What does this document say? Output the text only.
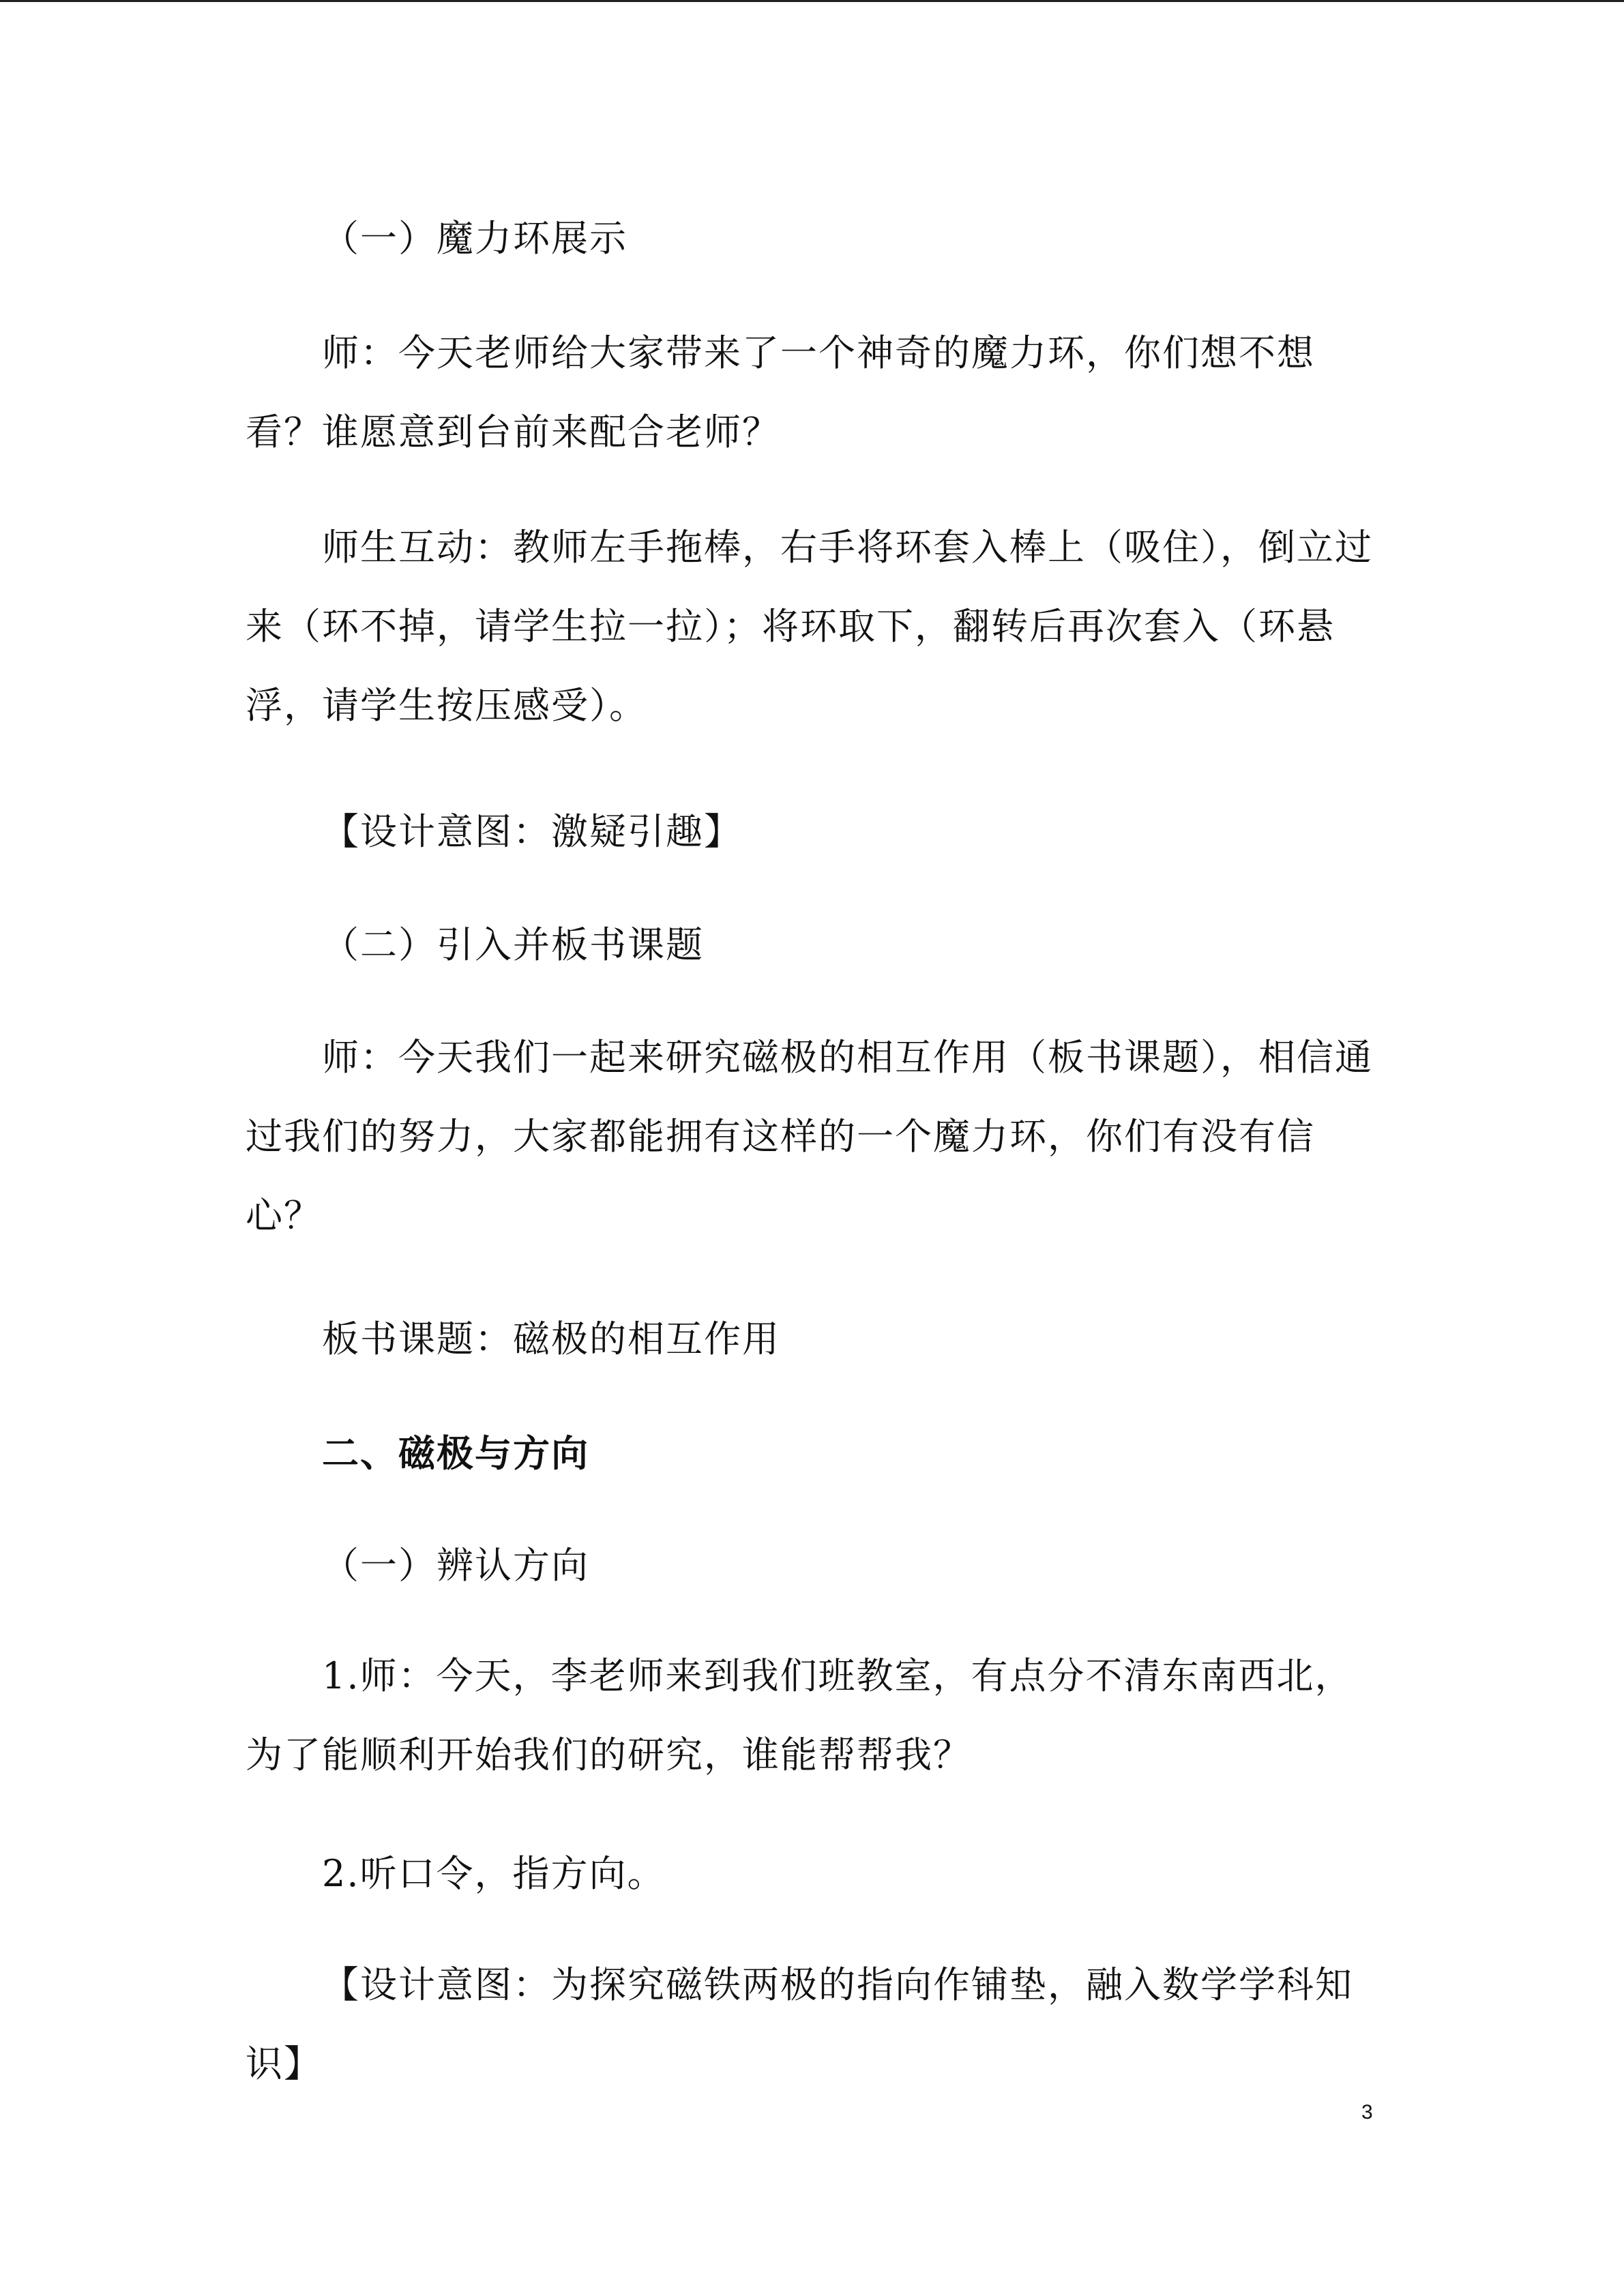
（一）魔力环展示

师：今天老师给大家带来了一个神奇的魔力环，你们想不想看？谁愿意到台前来配合老师？

师生互动：教师左手拖棒，右手将环套入棒上（吸住），倒立过来（环不掉，请学生拉一拉）；将环取下，翻转后再次套入（环悬浮，请学生按压感受）。

【设计意图：激疑引趣】

（二）引入并板书课题

师：今天我们一起来研究磁极的相互作用（板书课题），相信通过我们的努力，大家都能拥有这样的一个魔力环，你们有没有信心？

板书课题：磁极的相互作用

二、磁极与方向

（一）辨认方向

1.师：今天，李老师来到我们班教室，有点分不清东南西北，为了能顺利开始我们的研究，谁能帮帮我？

2.听口令，指方向。

【设计意图：为探究磁铁两极的指向作铺垫，融入数学学科知识】

3
